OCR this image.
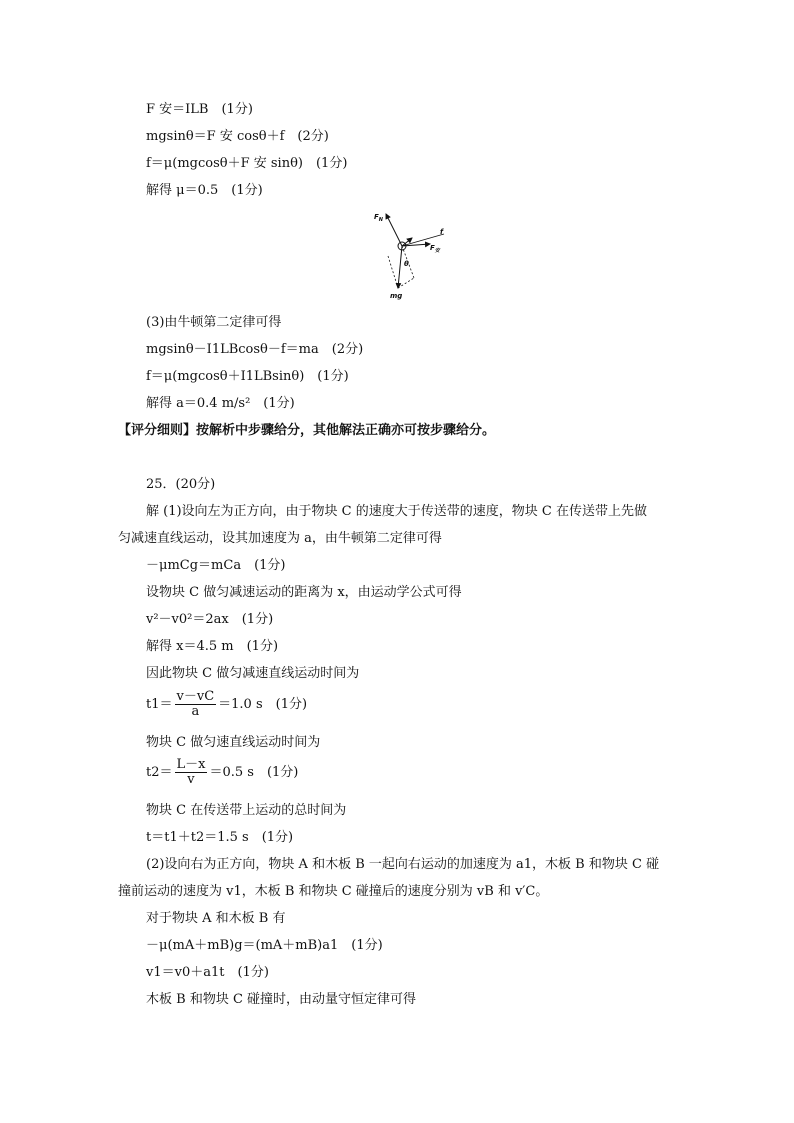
F 安＝ILB　(1分)
mgsinθ＝F 安 cosθ＋f　(2分)
f＝μ(mgcosθ＋F 安 sinθ)　(1分)
解得 μ＝0.5　(1分)
$F_N$
$F_安$
f
θ
mg
(3)由牛顿第二定律可得
mgsinθ－I1LBcosθ－f＝ma　(2分)
f＝μ(mgcosθ＋I1LBsinθ)　(1分)
解得 a＝0.4 m/s²　(1分)
【评分细则】按解析中步骤给分，其他解法正确亦可按步骤给分。
25．(20分)
解 (1)设向左为正方向，由于物块 C 的速度大于传送带的速度，物块 C 在传送带上先做
匀减速直线运动，设其加速度为 a，由牛顿第二定律可得
－μmCg＝mCa　(1分)
设物块 C 做匀减速运动的距离为 x，由运动学公式可得
v²－v0²＝2ax　(1分)
解得 x＝4.5 m　(1分)
因此物块 C 做匀减速直线运动时间为
$t1= \frac{v-vC}{a} =1.0$ s　(1分)
物块 C 做匀速直线运动时间为
$t2= \frac{L-x}{v} =0.5$ s　(1分)
物块 C 在传送带上运动的总时间为
t＝t1＋t2＝1.5 s　(1分)
(2)设向右为正方向，物块 A 和木板 B 一起向右运动的加速度为 a1，木板 B 和物块 C 碰
撞前运动的速度为 v1，木板 B 和物块 C 碰撞后的速度分别为 vB 和 v′C。
对于物块 A 和木板 B 有
－μ(mA＋mB)g＝(mA＋mB)a1　(1分)
v1＝v0＋a1t　(1分)
木板 B 和物块 C 碰撞时，由动量守恒定律可得
